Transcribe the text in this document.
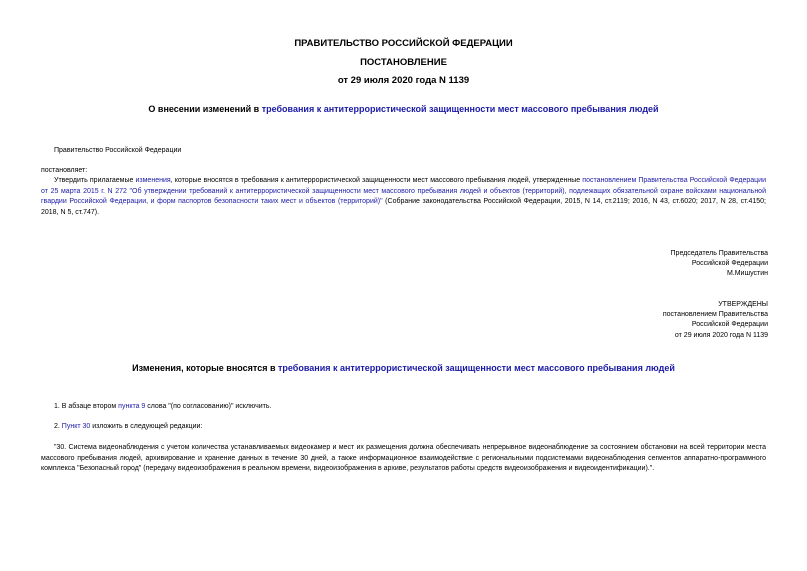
ПРАВИТЕЛЬСТВО РОССИЙСКОЙ ФЕДЕРАЦИИ
ПОСТАНОВЛЕНИЕ
от 29 июля 2020 года N 1139
О внесении изменений в требования к антитеррористической защищенности мест массового пребывания людей
Правительство Российской Федерации
постановляет:

Утвердить прилагаемые изменения, которые вносятся в требования к антитеррористической защищенности мест массового пребывания людей, утвержденные постановлением Правительства Российской Федерации от 25 марта 2015 г. N 272 "Об утверждении требований к антитеррористической защищенности мест массового пребывания людей и объектов (территорий), подлежащих обязательной охране войсками национальной гвардии Российской Федерации, и форм паспортов безопасности таких мест и объектов (территорий)" (Собрание законодательства Российской Федерации, 2015, N 14, ст.2119; 2016, N 43, ст.6020; 2017, N 28, ст.4150; 2018, N 5, ст.747).

Председатель Правительства
Российской Федерации
М.Мишустин
УТВЕРЖДЕНЫ
постановлением Правительства
Российской Федерации
от 29 июля 2020 года N 1139
Изменения, которые вносятся в требования к антитеррористической защищенности мест массового пребывания людей
1. В абзаце втором пункта 9 слова "(по согласованию)" исключить.
2. Пункт 30 изложить в следующей редакции:

"30. Система видеонаблюдения с учетом количества устанавливаемых видеокамер и мест их размещения должна обеспечивать непрерывное видеонаблюдение за состоянием обстановки на всей территории места массового пребывания людей, архивирование и хранение данных в течение 30 дней, а также информационное взаимодействие с региональными подсистемами видеонаблюдения сегментов аппаратно-программного комплекса "Безопасный город" (передачу видеоизображения в реальном времени, видеоизображения в архиве, результатов работы средств видеоизображения и видеоидентификации).".
